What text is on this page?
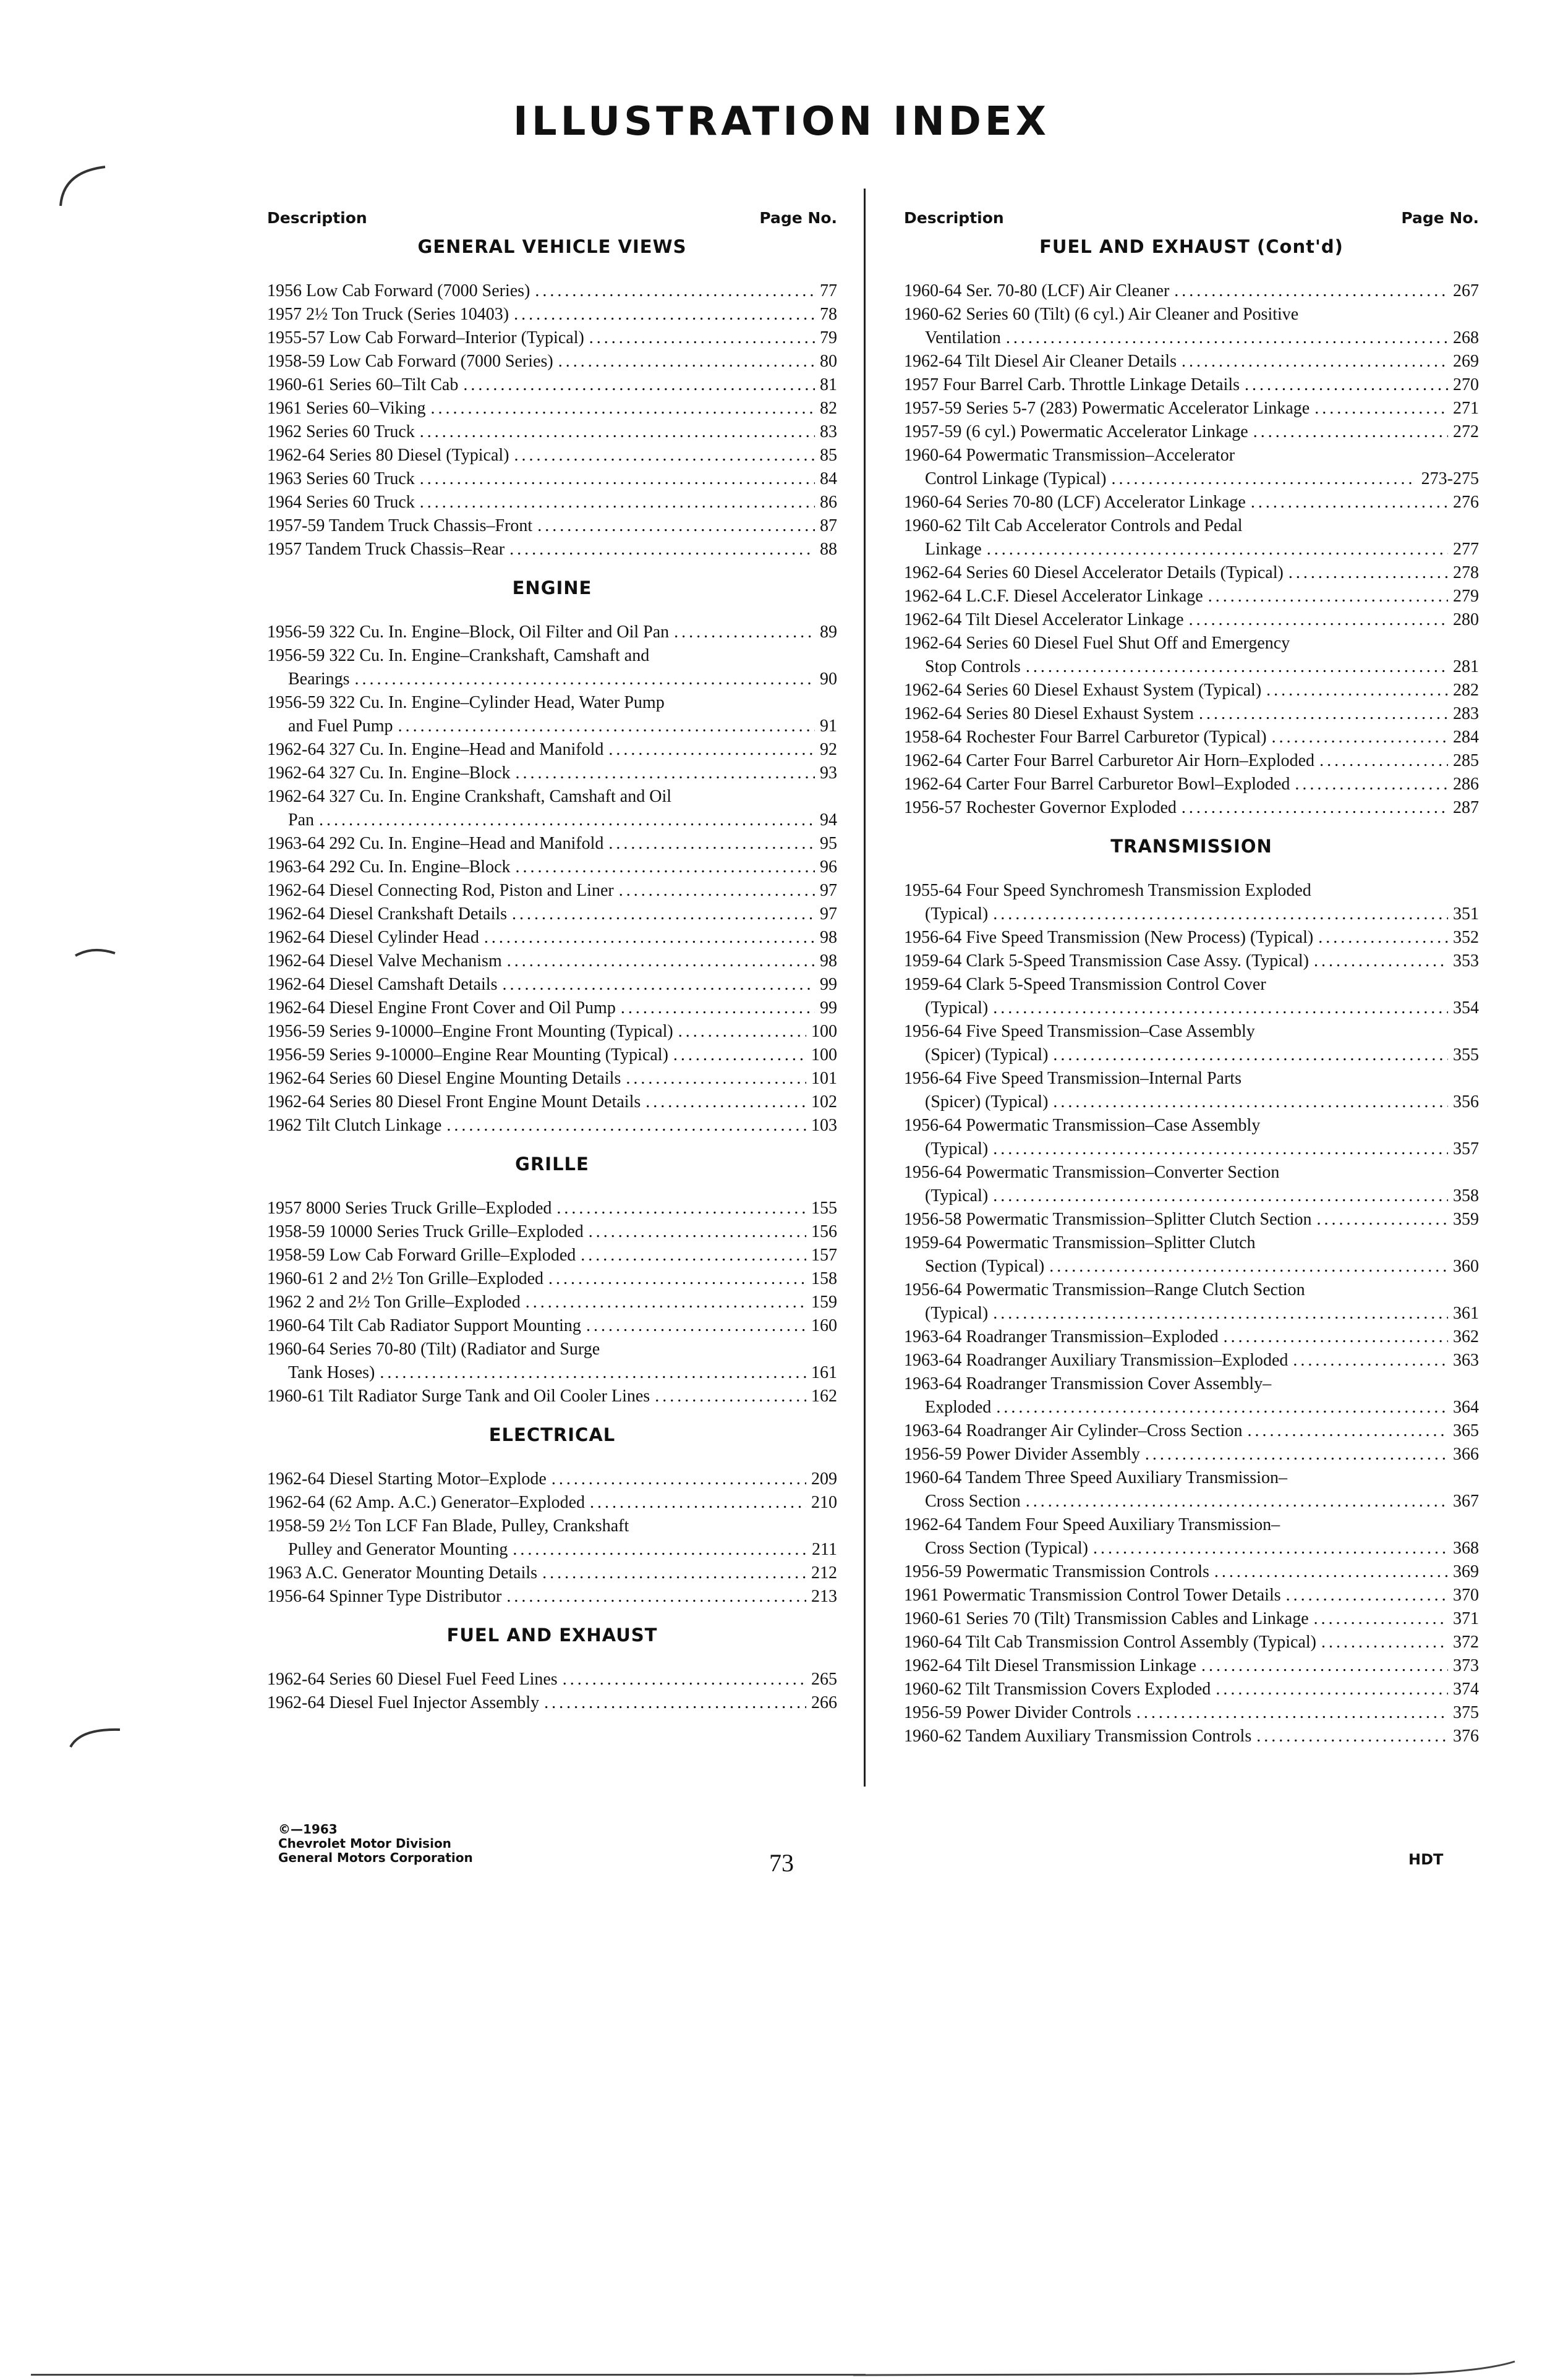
ILLUSTRATION INDEX
Description	Page No.
GENERAL VEHICLE VIEWS
1956 Low Cab Forward (7000 Series) .....	77
1957 2½ Ton Truck (Series 10403) .....	78
1955-57 Low Cab Forward–Interior (Typical) .....	79
1958-59 Low Cab Forward (7000 Series) .....	80
1960-61 Series 60–Tilt Cab .....	81
1961 Series 60–Viking .....	82
1962 Series 60 Truck .....	83
1962-64 Series 80 Diesel (Typical) .....	85
1963 Series 60 Truck .....	84
1964 Series 60 Truck .....	86
1957-59 Tandem Truck Chassis–Front .....	87
1957 Tandem Truck Chassis–Rear .....	88
ENGINE
1956-59 322 Cu. In. Engine–Block, Oil Filter and Oil Pan .....	89
1956-59 322 Cu. In. Engine–Crankshaft, Camshaft and
Bearings .....	90
1956-59 322 Cu. In. Engine–Cylinder Head, Water Pump
and Fuel Pump .....	91
1962-64 327 Cu. In. Engine–Head and Manifold .....	92
1962-64 327 Cu. In. Engine–Block .....	93
1962-64 327 Cu. In. Engine Crankshaft, Camshaft and Oil
Pan .....	94
1963-64 292 Cu. In. Engine–Head and Manifold .....	95
1963-64 292 Cu. In. Engine–Block .....	96
1962-64 Diesel Connecting Rod, Piston and Liner .....	97
1962-64 Diesel Crankshaft Details .....	97
1962-64 Diesel Cylinder Head .....	98
1962-64 Diesel Valve Mechanism .....	98
1962-64 Diesel Camshaft Details .....	99
1962-64 Diesel Engine Front Cover and Oil Pump .....	99
1956-59 Series 9-10000–Engine Front Mounting (Typical) .....	100
1956-59 Series 9-10000–Engine Rear Mounting (Typical) .....	100
1962-64 Series 60 Diesel Engine Mounting Details .....	101
1962-64 Series 80 Diesel Front Engine Mount Details .....	102
1962 Tilt Clutch Linkage .....	103
GRILLE
1957 8000 Series Truck Grille–Exploded .....	155
1958-59 10000 Series Truck Grille–Exploded .....	156
1958-59 Low Cab Forward Grille–Exploded .....	157
1960-61 2 and 2½ Ton Grille–Exploded .....	158
1962 2 and 2½ Ton Grille–Exploded .....	159
1960-64 Tilt Cab Radiator Support Mounting .....	160
1960-64 Series 70-80 (Tilt) (Radiator and Surge
Tank Hoses) .....	161
1960-61 Tilt Radiator Surge Tank and Oil Cooler Lines .....	162
ELECTRICAL
1962-64 Diesel Starting Motor–Explode .....	209
1962-64 (62 Amp. A.C.) Generator–Exploded .....	210
1958-59 2½ Ton LCF Fan Blade, Pulley, Crankshaft
Pulley and Generator Mounting .....	211
1963 A.C. Generator Mounting Details .....	212
1956-64 Spinner Type Distributor .....	213
FUEL AND EXHAUST
1962-64 Series 60 Diesel Fuel Feed Lines .....	265
1962-64 Diesel Fuel Injector Assembly .....	266
Description	Page No.
FUEL AND EXHAUST (Cont'd)
1960-64 Ser. 70-80 (LCF) Air Cleaner .....	267
1960-62 Series 60 (Tilt) (6 cyl.) Air Cleaner and Positive
Ventilation .....	268
1962-64 Tilt Diesel Air Cleaner Details .....	269
1957 Four Barrel Carb. Throttle Linkage Details .....	270
1957-59 Series 5-7 (283) Powermatic Accelerator Linkage .....	271
1957-59 (6 cyl.) Powermatic Accelerator Linkage .....	272
1960-64 Powermatic Transmission–Accelerator
Control Linkage (Typical) .....	273-275
1960-64 Series 70-80 (LCF) Accelerator Linkage .....	276
1960-62 Tilt Cab Accelerator Controls and Pedal
Linkage .....	277
1962-64 Series 60 Diesel Accelerator Details (Typical) .....	278
1962-64 L.C.F. Diesel Accelerator Linkage .....	279
1962-64 Tilt Diesel Accelerator Linkage .....	280
1962-64 Series 60 Diesel Fuel Shut Off and Emergency
Stop Controls .....	281
1962-64 Series 60 Diesel Exhaust System (Typical) .....	282
1962-64 Series 80 Diesel Exhaust System .....	283
1958-64 Rochester Four Barrel Carburetor (Typical) .....	284
1962-64 Carter Four Barrel Carburetor Air Horn–Exploded .....	285
1962-64 Carter Four Barrel Carburetor Bowl–Exploded .....	286
1956-57 Rochester Governor Exploded .....	287
TRANSMISSION
1955-64 Four Speed Synchromesh Transmission Exploded
(Typical) .....	351
1956-64 Five Speed Transmission (New Process) (Typical) .....	352
1959-64 Clark 5-Speed Transmission Case Assy. (Typical) .....	353
1959-64 Clark 5-Speed Transmission Control Cover
(Typical) .....	354
1956-64 Five Speed Transmission–Case Assembly
(Spicer) (Typical) .....	355
1956-64 Five Speed Transmission–Internal Parts
(Spicer) (Typical) .....	356
1956-64 Powermatic Transmission–Case Assembly
(Typical) .....	357
1956-64 Powermatic Transmission–Converter Section
(Typical) .....	358
1956-58 Powermatic Transmission–Splitter Clutch Section .....	359
1959-64 Powermatic Transmission–Splitter Clutch
Section (Typical) .....	360
1956-64 Powermatic Transmission–Range Clutch Section
(Typical) .....	361
1963-64 Roadranger Transmission–Exploded .....	362
1963-64 Roadranger Auxiliary Transmission–Exploded .....	363
1963-64 Roadranger Transmission Cover Assembly–
Exploded .....	364
1963-64 Roadranger Air Cylinder–Cross Section .....	365
1956-59 Power Divider Assembly .....	366
1960-64 Tandem Three Speed Auxiliary Transmission–
Cross Section .....	367
1962-64 Tandem Four Speed Auxiliary Transmission–
Cross Section (Typical) .....	368
1956-59 Powermatic Transmission Controls .....	369
1961 Powermatic Transmission Control Tower Details .....	370
1960-61 Series 70 (Tilt) Transmission Cables and Linkage .....	371
1960-64 Tilt Cab Transmission Control Assembly (Typical) .....	372
1962-64 Tilt Diesel Transmission Linkage .....	373
1960-62 Tilt Transmission Covers Exploded .....	374
1956-59 Power Divider Controls .....	375
1960-62 Tandem Auxiliary Transmission Controls .....	376
©—1963
Chevrolet Motor Division
General Motors Corporation	73	HDT
